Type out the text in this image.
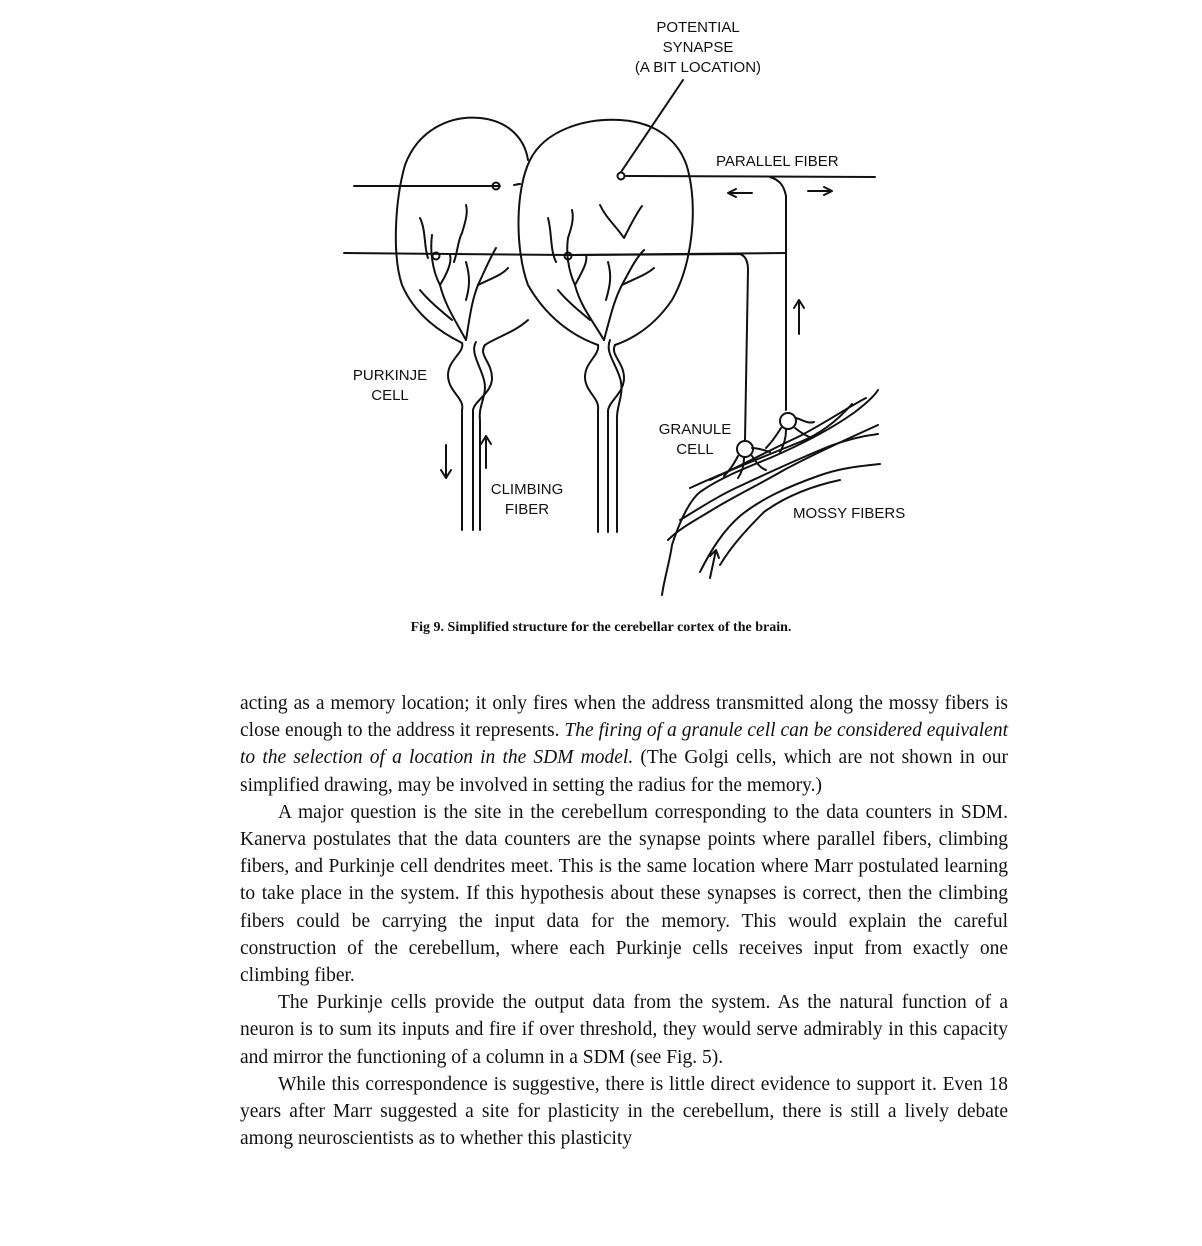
POTENTIAL
SYNAPSE
(A BIT LOCATION)
PARALLEL FIBER
PURKINJE
CELL
GRANULE
CELL
CLIMBING
FIBER	MOSSY FIBERS
Fig 9. Simplified structure for the cerebellar cortex of the brain.

acting as a memory location; it only fires when the address transmitted along the mossy fibers is close enough to the address it represents. The firing of a granule cell can be considered equivalent to the selection of a location in the SDM model. (The Golgi cells, which are not shown in our simplified drawing, may be involved in setting the radius for the memory.)

A major question is the site in the cerebellum corresponding to the data counters in SDM. Kanerva postulates that the data counters are the synapse points where parallel fibers, climbing fibers, and Purkinje cell dendrites meet. This is the same location where Marr postulated learning to take place in the system. If this hypothesis about these synapses is correct, then the climbing fibers could be carrying the input data for the memory. This would explain the careful construction of the cerebellum, where each Purkinje cells receives input from exactly one climbing fiber.

The Purkinje cells provide the output data from the system. As the natural function of a neuron is to sum its inputs and fire if over threshold, they would serve admirably in this capacity and mirror the functioning of a column in a SDM (see Fig. 5).

While this correspondence is suggestive, there is little direct evidence to support it. Even 18 years after Marr suggested a site for plasticity in the cerebellum, there is still a lively debate among neuroscientists as to whether this plasticity
